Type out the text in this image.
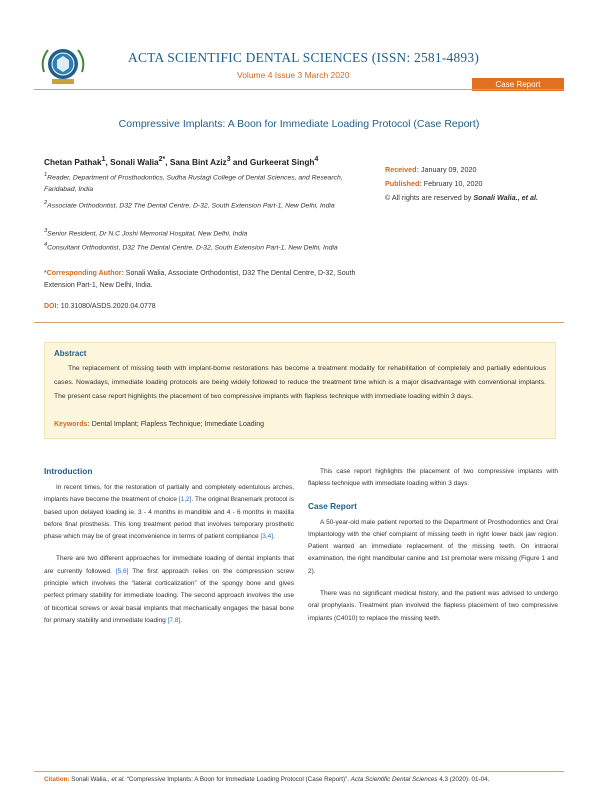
ACTA SCIENTIFIC DENTAL SCIENCES (ISSN: 2581-4893)
Volume 4 Issue 3 March 2020
Case Report
Compressive Implants: A Boon for Immediate Loading Protocol (Case Report)
Chetan Pathak$^1$, Sonali Walia$^{2*}$, Sana Bint Aziz$^3$ and Gurkeerat Singh$^4$
$^1$Reader, Department of Prosthodontics, Sudha Rustagi College of Dental Sciences, and Research, Faridabad, India
$^2$Associate Orthodontist, D32 The Dental Centre, D-32, South Extension Part-1, New Delhi, India
$^3$Senior Resident, Dr N.C Joshi Memorial Hospital, New Delhi, India
$^4$Consultant Orthodontist, D32 The Dental Centre, D-32, South Extension Part-1, New Delhi, India
*Corresponding Author: Sonali Walia, Associate Orthodontist, D32 The Dental Centre, D-32, South Extension Part-1, New Delhi, India.
DOI: 10.31080/ASDS.2020.04.0778
Received: January 09, 2020
Published: February 10, 2020
© All rights are reserved by Sonali Walia., et al.
Abstract
The replacement of missing teeth with implant-borne restorations has become a treatment modality for rehabilitation of completely and partially edentulous cases. Nowadays, immediate loading protocols are being widely followed to reduce the treatment time which is a major disadvantage with conventional implants. The present case report highlights the placement of two compressive implants with flapless technique with immediate loading within 3 days.
Keywords: Dental Implant; Flapless Technique; Immediate Loading
Introduction

In recent times, for the restoration of partially and completely edentulous arches, implants have become the treatment of choice [1,2]. The original Branemark protocol is based upon delayed loading ie. 3 - 4 months in mandible and 4 - 6 months in maxilla before final prosthesis. This long treatment period that involves temporary prosthetic phase which may be of great inconvenience in terms of patient compliance [3,4].

There are two different approaches for immediate loading of dental implants that are currently followed. [5,6] The first approach relies on the compression screw principle which involves the “lateral corticalization” of the spongy bone and gives perfect primary stability for immediate loading. The second approach involves the use of bicortical screws or axial basal implants that mechanically engages the basal bone for primary stability and immediate loading [7,8].

This case report highlights the placement of two compressive implants with flapless technique with immediate loading within 3 days.

Case Report

A 50-year-old male patient reported to the Department of Prosthodontics and Oral Implantology with the chief complaint of missing teeth in right lower back jaw region. Patient wanted an immediate replacement of the missing teeth. On intraoral examination, the right mandibular canine and 1st premolar were missing (Figure 1 and 2).

There was no significant medical history, and the patient was advised to undergo oral prophylaxis. Treatment plan involved the flapless placement of two compressive implants (C4010) to replace the missing teeth.

Citation: Sonali Walia., et al. “Compressive Implants: A Boon for Immediate Loading Protocol (Case Report)”. Acta Scientific Dental Sciences 4.3 (2020): 01-04.
